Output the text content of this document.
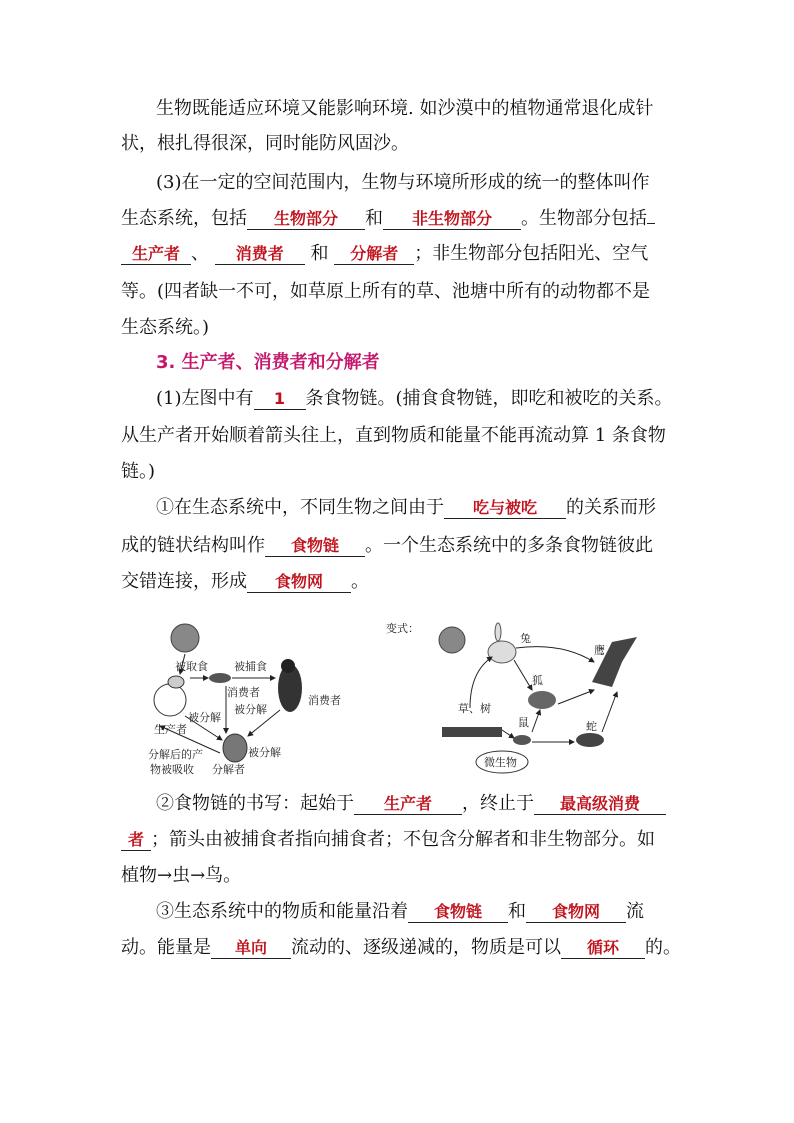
生物既能适应环境又能影响环境. 如沙漠中的植物通常退化成针
状，根扎得很深，同时能防风固沙。
(3)在一定的空间范围内，生物与环境所形成的统一的整体叫作
生态系统，包括 生物部分 和 非生物部分 。生物部分包括
生产者 、 消费者 和 分解者 ；非生物部分包括阳光、空气
等。(四者缺一不可，如草原上所有的草、池塘中所有的动物都不是
生态系统。)
3. 生产者、消费者和分解者
(1)左图中有 1 条食物链。(捕食食物链，即吃和被吃的关系。
从生产者开始顺着箭头往上，直到物质和能量不能再流动算 1 条食物
链。)
①在生态系统中，不同生物之间由于 吃与被吃 的关系而形
成的链状结构叫作 食物链 。一个生态系统中的多条食物链彼此
交错连接，形成 食物网 。
被取食 被捕食
消费者
消费者
被分解
被分解
生产者
被分解
分解后的产
物被吸收 分解者
变式：
兔
鹰
狐
草、树
鼠	蛇
微生物
②食物链的书写：起始于 生产者 ，终止于 最高级消费
者 ；箭头由被捕食者指向捕食者；不包含分解者和非生物部分。如
植物→虫→鸟。
③生态系统中的物质和能量沿着 食物链 和 食物网 流
动。能量是 单向 流动的、逐级递减的，物质是可以 循环 的。
